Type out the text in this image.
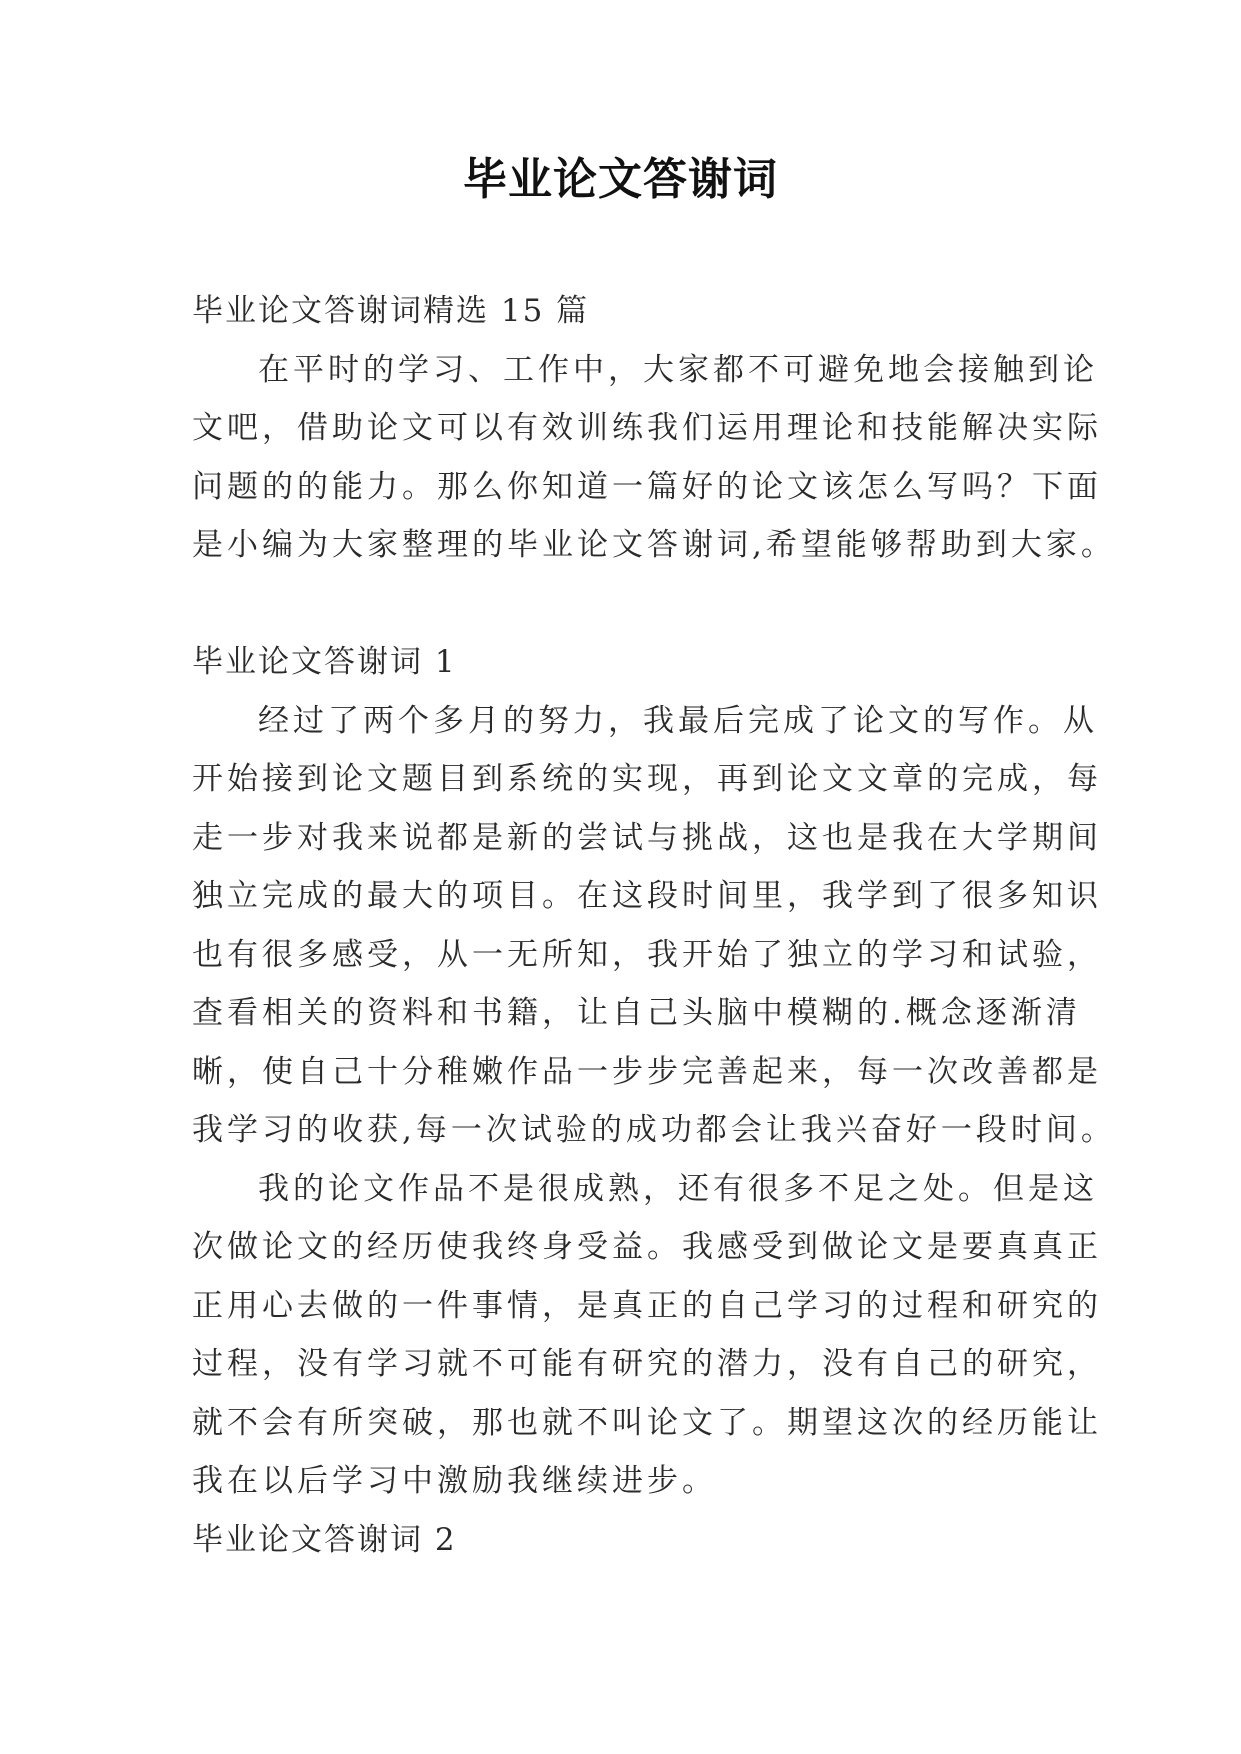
毕业论文答谢词
毕业论文答谢词精选 15 篇
在平时的学习、工作中，大家都不可避免地会接触到论
文吧，借助论文可以有效训练我们运用理论和技能解决实际
问题的的能力。那么你知道一篇好的论文该怎么写吗？下面
是小编为大家整理的毕业论文答谢词,希望能够帮助到大家。
毕业论文答谢词 1
经过了两个多月的努力，我最后完成了论文的写作。从
开始接到论文题目到系统的实现，再到论文文章的完成，每
走一步对我来说都是新的尝试与挑战，这也是我在大学期间
独立完成的最大的项目。在这段时间里，我学到了很多知识
也有很多感受，从一无所知，我开始了独立的学习和试验，
查看相关的资料和书籍，让自己头脑中模糊的.概念逐渐清
晰，使自己十分稚嫩作品一步步完善起来，每一次改善都是
我学习的收获,每一次试验的成功都会让我兴奋好一段时间。
我的论文作品不是很成熟，还有很多不足之处。但是这
次做论文的经历使我终身受益。我感受到做论文是要真真正
正用心去做的一件事情，是真正的自己学习的过程和研究的
过程，没有学习就不可能有研究的潜力，没有自己的研究，
就不会有所突破，那也就不叫论文了。期望这次的经历能让
我在以后学习中激励我继续进步。
毕业论文答谢词 2
